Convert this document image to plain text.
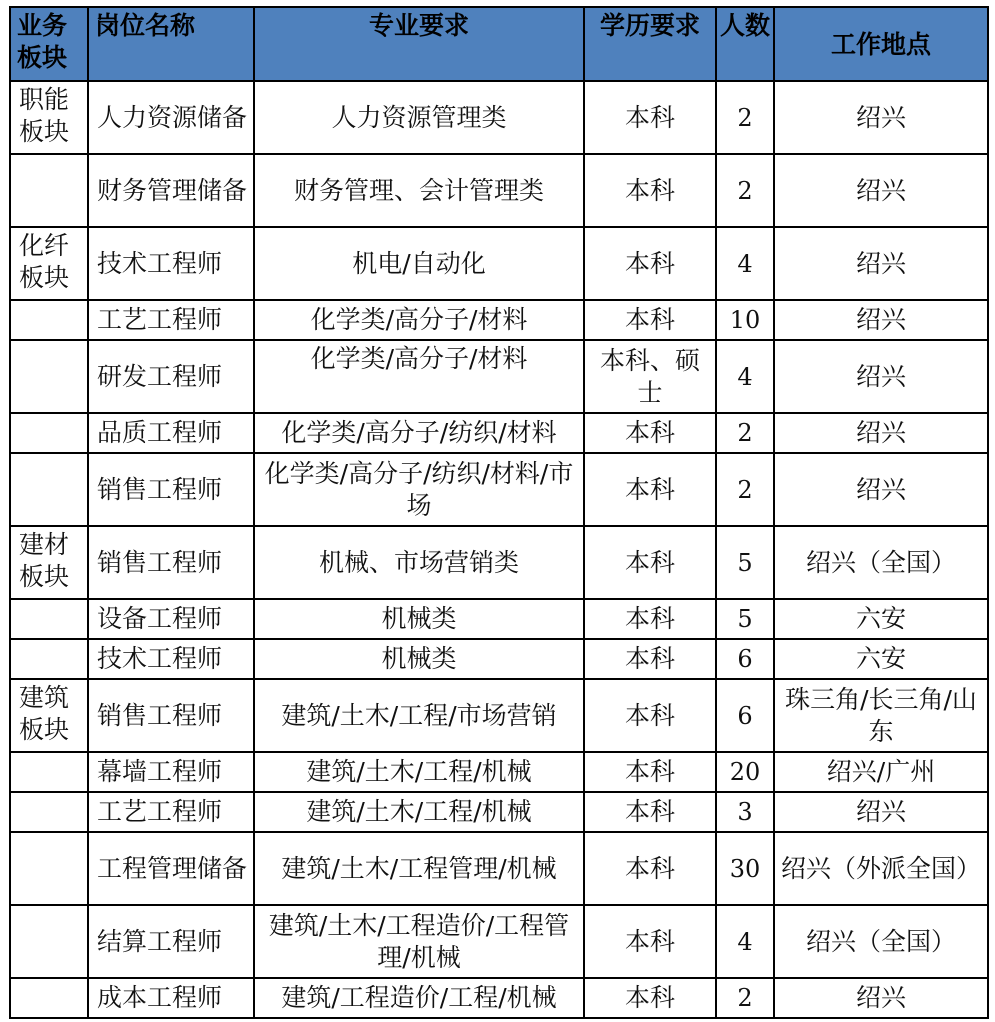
业务板块	岗位名称	专业要求	学历要求	人数	工作地点
职能板块	人力资源储备	人力资源管理类	本科	2	绍兴
	财务管理储备	财务管理、会计管理类	本科	2	绍兴
化纤板块	技术工程师	机电/自动化	本科	4	绍兴
	工艺工程师	化学类/高分子/材料	本科	10	绍兴
	研发工程师	化学类/高分子/材料	本科、硕士	4	绍兴
	品质工程师	化学类/高分子/纺织/材料	本科	2	绍兴
	销售工程师	化学类/高分子/纺织/材料/市场	本科	2	绍兴
建材板块	销售工程师	机械、市场营销类	本科	5	绍兴（全国）
	设备工程师	机械类	本科	5	六安
	技术工程师	机械类	本科	6	六安
建筑板块	销售工程师	建筑/土木/工程/市场营销	本科	6	珠三角/长三角/山东
	幕墙工程师	建筑/土木/工程/机械	本科	20	绍兴/广州
	工艺工程师	建筑/土木/工程/机械	本科	3	绍兴
	工程管理储备	建筑/土木/工程管理/机械	本科	30	绍兴（外派全国）
	结算工程师	建筑/土木/工程造价/工程管理/机械	本科	4	绍兴（全国）
	成本工程师	建筑/工程造价/工程/机械	本科	2	绍兴
